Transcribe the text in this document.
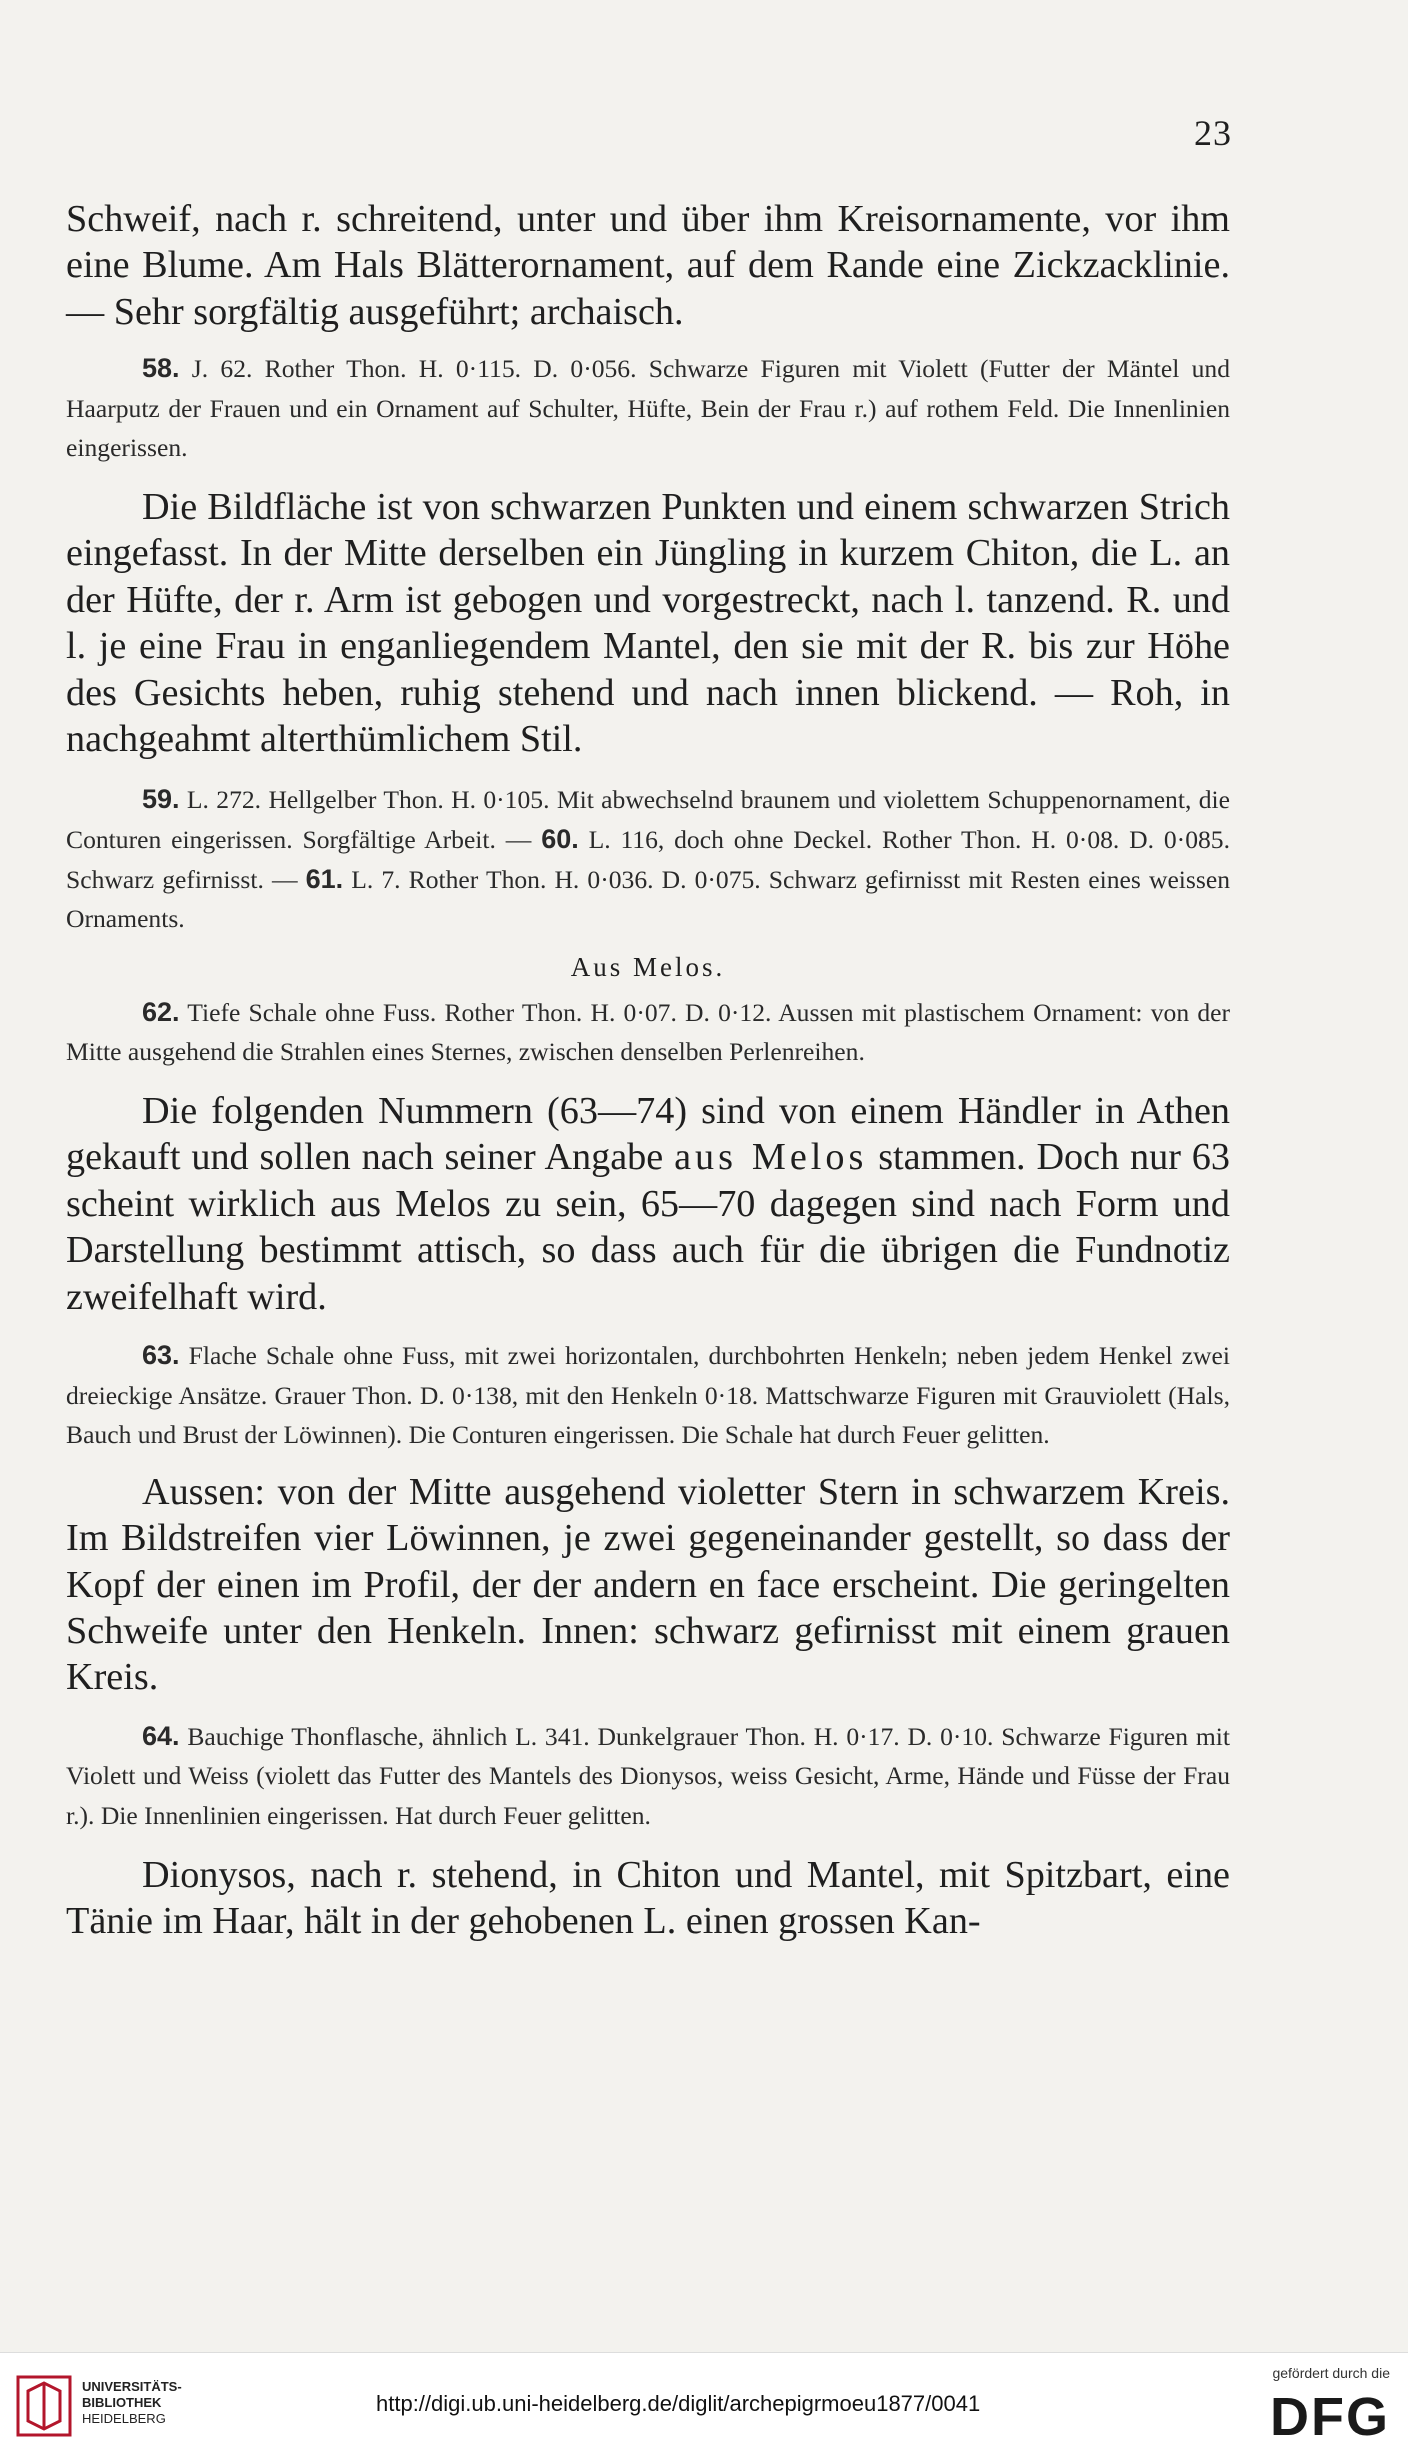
23

Schweif, nach r. schreitend, unter und über ihm Kreisornamente, vor ihm eine Blume. Am Hals Blätterornament, auf dem Rande eine Zickzacklinie. — Sehr sorgfältig ausgeführt; archaisch.

58. J. 62. Rother Thon. H. 0·115. D. 0·056. Schwarze Figuren mit Violett (Futter der Mäntel und Haarputz der Frauen und ein Ornament auf Schulter, Hüfte, Bein der Frau r.) auf rothem Feld. Die Innenlinien eingerissen.

Die Bildfläche ist von schwarzen Punkten und einem schwarzen Strich eingefasst. In der Mitte derselben ein Jüngling in kurzem Chiton, die L. an der Hüfte, der r. Arm ist gebogen und vorgestreckt, nach l. tanzend. R. und l. je eine Frau in enganliegendem Mantel, den sie mit der R. bis zur Höhe des Gesichts heben, ruhig stehend und nach innen blickend. — Roh, in nachgeahmt alterthümlichem Stil.

59. L. 272. Hellgelber Thon. H. 0·105. Mit abwechselnd braunem und violettem Schuppenornament, die Conturen eingerissen. Sorgfältige Arbeit. — 60. L. 116, doch ohne Deckel. Rother Thon. H. 0·08. D. 0·085. Schwarz gefirnisst. — 61. L. 7. Rother Thon. H. 0·036. D. 0·075. Schwarz gefirnisst mit Resten eines weissen Ornaments.

Aus Melos.

62. Tiefe Schale ohne Fuss. Rother Thon. H. 0·07. D. 0·12. Aussen mit plastischem Ornament: von der Mitte ausgehend die Strahlen eines Sternes, zwischen denselben Perlenreihen.

Die folgenden Nummern (63—74) sind von einem Händler in Athen gekauft und sollen nach seiner Angabe aus Melos stammen. Doch nur 63 scheint wirklich aus Melos zu sein, 65—70 dagegen sind nach Form und Darstellung bestimmt attisch, so dass auch für die übrigen die Fundnotiz zweifelhaft wird.

63. Flache Schale ohne Fuss, mit zwei horizontalen, durchbohrten Henkeln; neben jedem Henkel zwei dreieckige Ansätze. Grauer Thon. D. 0·138, mit den Henkeln 0·18. Mattschwarze Figuren mit Grauviolett (Hals, Bauch und Brust der Löwinnen). Die Conturen eingerissen. Die Schale hat durch Feuer gelitten.

Aussen: von der Mitte ausgehend violetter Stern in schwarzem Kreis. Im Bildstreifen vier Löwinnen, je zwei gegeneinander gestellt, so dass der Kopf der einen im Profil, der der andern en face erscheint. Die geringelten Schweife unter den Henkeln. Innen: schwarz gefirnisst mit einem grauen Kreis.

64. Bauchige Thonflasche, ähnlich L. 341. Dunkelgrauer Thon. H. 0·17. D. 0·10. Schwarze Figuren mit Violett und Weiss (violett das Futter des Mantels des Dionysos, weiss Gesicht, Arme, Hände und Füsse der Frau r.). Die Innenlinien eingerissen. Hat durch Feuer gelitten.

Dionysos, nach r. stehend, in Chiton und Mantel, mit Spitzbart, eine Tänie im Haar, hält in der gehobenen L. einen grossen Kan-

UNIVERSITÄTS-
BIBLIOTHEK
HEIDELBERG
http://digi.ub.uni-heidelberg.de/diglit/archepigrmoeu1877/0041
gefördert durch die
DFG
